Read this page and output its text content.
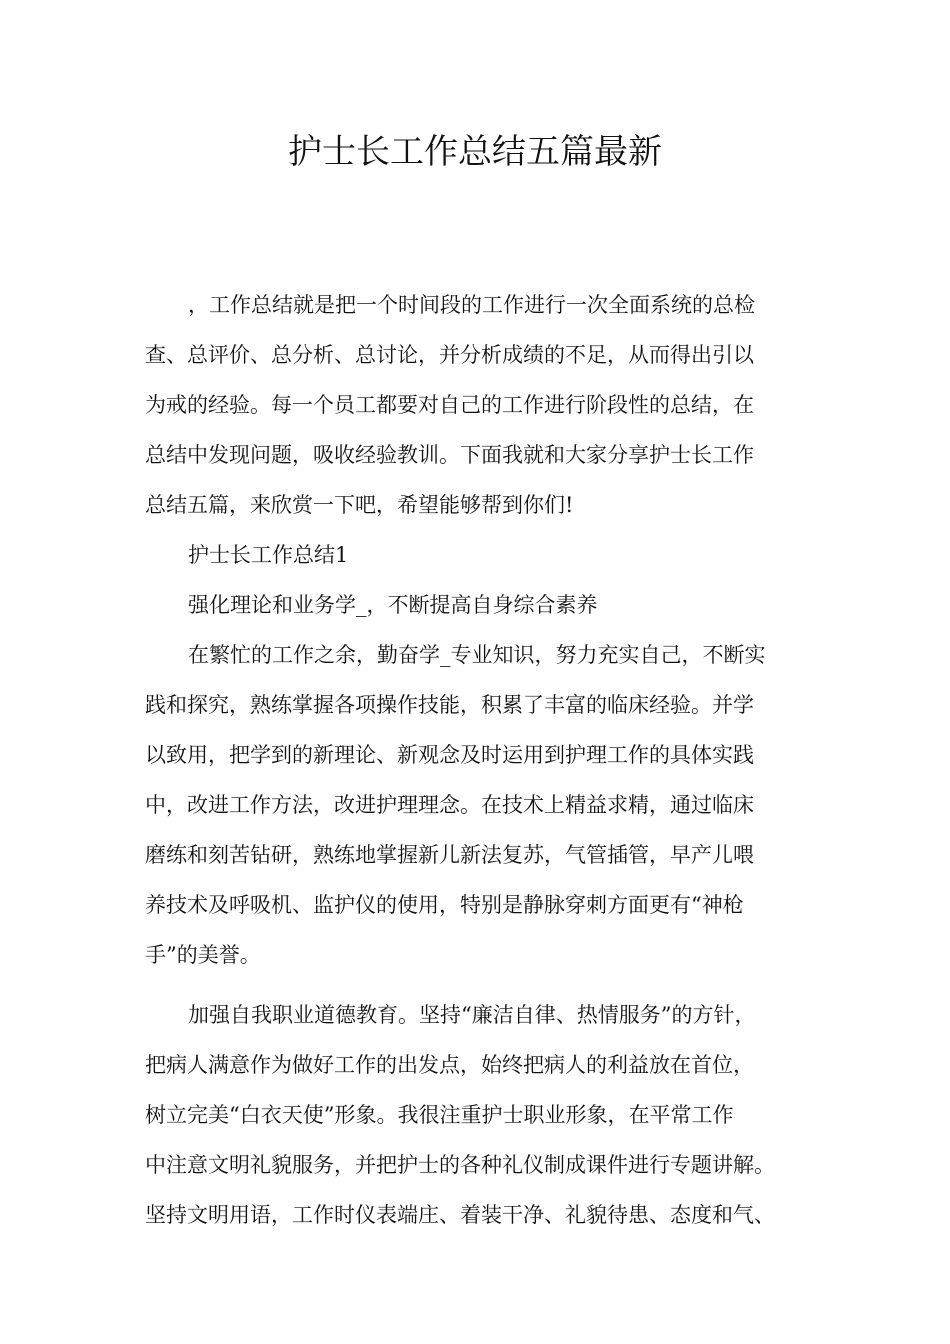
护士长工作总结五篇最新
，工作总结就是把一个时间段的工作进行一次全面系统的总检
查、总评价、总分析、总讨论，并分析成绩的不足，从而得出引以
为戒的经验。每一个员工都要对自己的工作进行阶段性的总结，在
总结中发现问题，吸收经验教训。下面我就和大家分享护士长工作
总结五篇，来欣赏一下吧，希望能够帮到你们!
护士长工作总结1
强化理论和业务学_，不断提高自身综合素养
在繁忙的工作之余，勤奋学_专业知识，努力充实自己，不断实
践和探究，熟练掌握各项操作技能，积累了丰富的临床经验。并学
以致用，把学到的新理论、新观念及时运用到护理工作的具体实践
中，改进工作方法，改进护理理念。在技术上精益求精，通过临床
磨练和刻苦钻研，熟练地掌握新儿新法复苏，气管插管，早产儿喂
养技术及呼吸机、监护仪的使用，特别是静脉穿刺方面更有“神枪
手”的美誉。
加强自我职业道德教育。坚持“廉洁自律、热情服务”的方针，
把病人满意作为做好工作的出发点，始终把病人的利益放在首位，
树立完美“白衣天使”形象。我很注重护士职业形象，在平常工作
中注意文明礼貌服务，并把护士的各种礼仪制成课件进行专题讲解。
坚持文明用语，工作时仪表端庄、着装干净、礼貌待患、态度和气、
